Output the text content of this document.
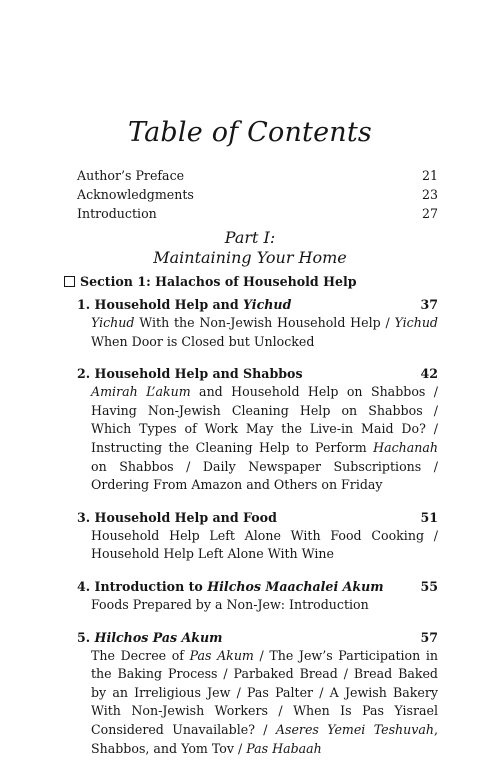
Table of Contents
Author’s Preface	21
Acknowledgments	23
Introduction	27
Part I:
Maintaining Your Home
Section 1: Halachos of Household Help
1. Household Help and Yichud	37
Yichud With the Non-Jewish Household Help / Yichud When Door is Closed but Unlocked
2. Household Help and Shabbos	42
Amirah L’akum and Household Help on Shabbos / Having Non-Jewish Cleaning Help on Shabbos / Which Types of Work May the Live-in Maid Do? / Instructing the Cleaning Help to Perform Hachanah on Shabbos / Daily Newspaper Subscriptions / Ordering From Amazon and Others on Friday
3. Household Help and Food	51
Household Help Left Alone With Food Cooking / Household Help Left Alone With Wine
4. Introduction to Hilchos Maachalei Akum	55
Foods Prepared by a Non-Jew: Introduction
5. Hilchos Pas Akum	57
The Decree of Pas Akum / The Jew’s Participation in the Baking Process / Parbaked Bread / Bread Baked by an Irreligious Jew / Pas Palter / A Jewish Bakery With Non-Jewish Workers / When Is Pas Yisrael Considered Unavailable? / Aseres Yemei Teshuvah, Shabbos, and Yom Tov / Pas Habaah
